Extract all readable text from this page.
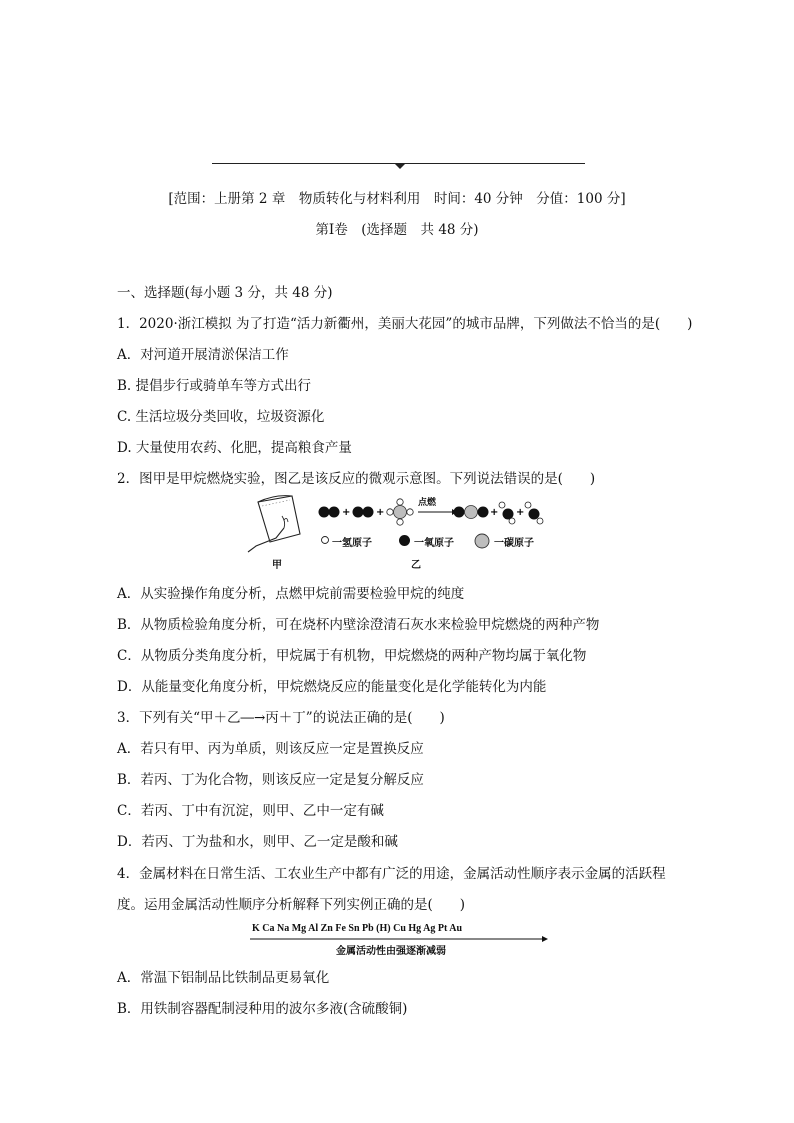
[范围：上册第 2 章　物质转化与材料利用　时间：40 分钟　分值：100 分]
第Ⅰ卷　(选择题　共 48 分)
一、选择题(每小题 3 分，共 48 分)
1．2020·浙江模拟 为了打造“活力新衢州，美丽大花园”的城市品牌，下列做法不恰当的是(　　)
A．对河道开展清淤保洁工作
B. 提倡步行或骑单车等方式出行
C. 生活垃圾分类回收，垃圾资源化
D. 大量使用农药、化肥，提高粮食产量
2．图甲是甲烷燃烧实验，图乙是该反应的微观示意图。下列说法错误的是(　　)
甲
+	+	+ +
点燃
一氢原子	一氧原子	一碳原子
乙
A．从实验操作角度分析，点燃甲烷前需要检验甲烷的纯度
B．从物质检验角度分析，可在烧杯内壁涂澄清石灰水来检验甲烷燃烧的两种产物
C．从物质分类角度分析，甲烷属于有机物，甲烷燃烧的两种产物均属于氧化物
D．从能量变化角度分析，甲烷燃烧反应的能量变化是化学能转化为内能
3．下列有关“甲＋乙―→丙＋丁”的说法正确的是(　　)
A．若只有甲、丙为单质，则该反应一定是置换反应
B．若丙、丁为化合物，则该反应一定是复分解反应
C．若丙、丁中有沉淀，则甲、乙中一定有碱
D．若丙、丁为盐和水，则甲、乙一定是酸和碱
4．金属材料在日常生活、工农业生产中都有广泛的用途，金属活动性顺序表示金属的活跃程
度。运用金属活动性顺序分析解释下列实例正确的是(　　)
K Ca Na Mg Al Zn Fe Sn Pb (H) Cu Hg Ag Pt Au
金属活动性由强逐渐减弱
A．常温下铝制品比铁制品更易氧化
B．用铁制容器配制浸种用的波尔多液(含硫酸铜)
